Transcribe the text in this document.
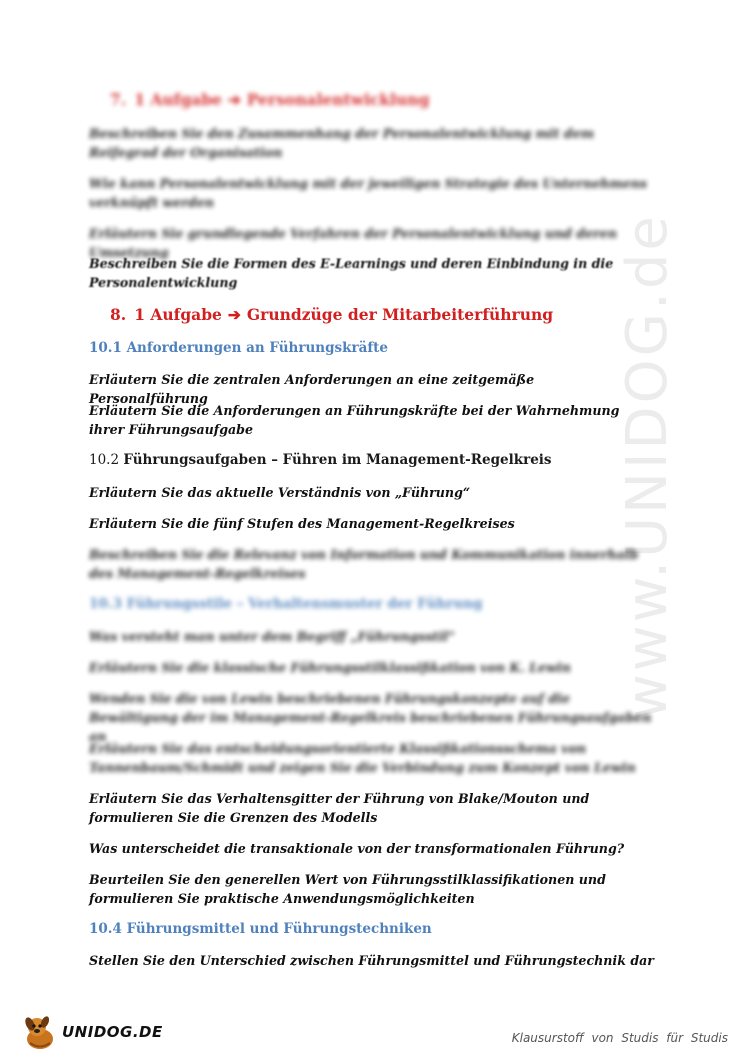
www.UNIDOG.de
7. 1 Aufgabe ➔ Personalentwicklung
Beschreiben Sie den Zusammenhang der Personalentwicklung mit dem Reifegrad der Organisation
Wie kann Personalentwicklung mit der jeweiligen Strategie des Unternehmens verknüpft werden
Erläutern Sie grundlegende Verfahren der Personalentwicklung und deren Umsetzung
Beschreiben Sie die Formen des E-Learnings und deren Einbindung in die Personalentwicklung
8. 1 Aufgabe ➔ Grundzüge der Mitarbeiterführung
10.1 Anforderungen an Führungskräfte
Erläutern Sie die zentralen Anforderungen an eine zeitgemäße Personalführung
Erläutern Sie die Anforderungen an Führungskräfte bei der Wahrnehmung ihrer Führungsaufgabe
10.2 Führungsaufgaben – Führen im Management-Regelkreis
Erläutern Sie das aktuelle Verständnis von „Führung“
Erläutern Sie die fünf Stufen des Management-Regelkreises
Beschreiben Sie die Relevanz von Information und Kommunikation innerhalb des Management-Regelkreises
10.3 Führungsstile – Verhaltensmuster der Führung
Was versteht man unter dem Begriff „Führungsstil“
Erläutern Sie die klassische Führungsstilklassifikation von K. Lewin
Wenden Sie die von Lewin beschriebenen Führungskonzepte auf die Bewältigung der im Management-Regelkreis beschriebenen Führungsaufgaben an
Erläutern Sie das entscheidungsorientierte Klassifikationsschema von Tannenbaum/Schmidt und zeigen Sie die Verbindung zum Konzept von Lewin
Erläutern Sie das Verhaltensgitter der Führung von Blake/Mouton und formulieren Sie die Grenzen des Modells
Was unterscheidet die transaktionale von der transformationalen Führung?
Beurteilen Sie den generellen Wert von Führungsstilklassifikationen und formulieren Sie praktische Anwendungsmöglichkeiten
10.4 Führungsmittel und Führungstechniken
Stellen Sie den Unterschied zwischen Führungsmittel und Führungstechnik dar
UNIDOG.DE	Klausurstoff von Studis für Studis
